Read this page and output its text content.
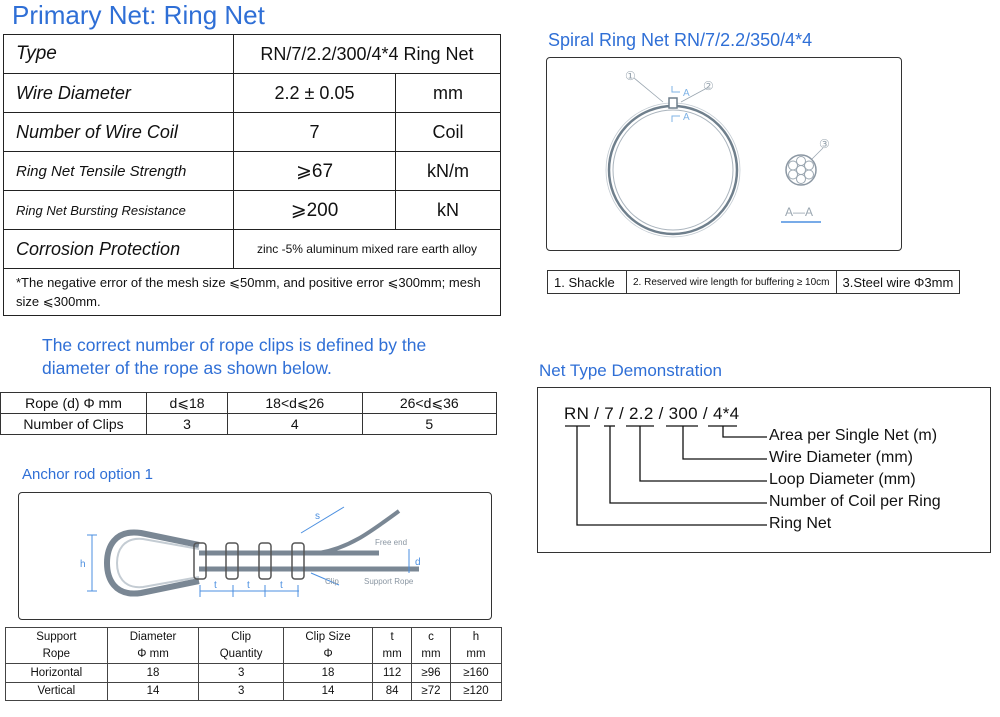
Primary Net: Ring Net
Type	RN/7/2.2/300/4*4 Ring Net	
Wire Diameter	2.2 ± 0.05	mm
Number of Wire Coil	7	Coil
Ring Net Tensile Strength	⩾67	kN/m
Ring Net Bursting Resistance	⩾200	kN
Corrosion Protection	zinc -5% aluminum mixed rare earth alloy	
*The negative error of the mesh size ⩽50mm, and positive error ⩽300mm; mesh size ⩽300mm.		
The correct number of rope clips is defined by the diameter of the rope as shown below.
Rope (d) Φ mm	d⩽18	18<d⩽26	26<d⩽36
Number of Clips	3	4	5
Anchor rod option 1
h
s
d
t	t	t
Free end
Clip	Support Rope
Support	Diameter	Clip	Clip Size	t	c	h
Rope	Φ mm	Quantity	Φ	mm	mm	mm
Horizontal	18	3	18	112	≥96	≥160
Vertical	14	3	14	84	≥72	≥120
Spiral Ring Net RN/7/2.2/350/4*4
①
②
③
A
A
A—A
1. Shackle	2. Reserved wire length for buffering ≥ 10cm	3.Steel wire Φ3mm
Net Type Demonstration
RN / 7 / 2.2 / 300 / 4*4
Area per Single Net (m)
Wire Diameter (mm)
Loop Diameter (mm)
Number of Coil per Ring
Ring Net
